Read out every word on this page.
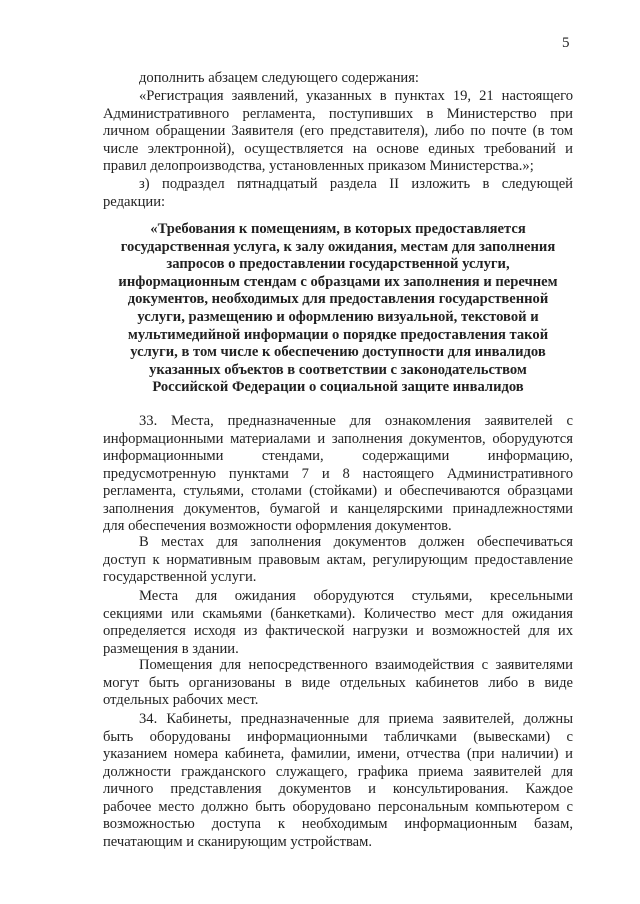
5
дополнить абзацем следующего содержания:
«Регистрация заявлений, указанных в пунктах 19, 21 настоящего
Административного регламента, поступивших в Министерство при
личном обращении Заявителя (его представителя), либо по почте (в том
числе электронной), осуществляется на основе единых требований и
правил делопроизводства, установленных приказом Министерства.»;
з) подраздел пятнадцатый раздела II изложить в следующей
редакции:
«Требования к помещениям, в которых предоставляется
государственная услуга, к залу ожидания, местам для заполнения
запросов о предоставлении государственной услуги,
информационным стендам с образцами их заполнения и перечнем
документов, необходимых для предоставления государственной
услуги, размещению и оформлению визуальной, текстовой и
мультимедийной информации о порядке предоставления такой
услуги, в том числе к обеспечению доступности для инвалидов
указанных объектов в соответствии с законодательством
Российской Федерации о социальной защите инвалидов
33. Места, предназначенные для ознакомления заявителей с
информационными материалами и заполнения документов, оборудуются
информационными стендами, содержащими информацию,
предусмотренную пунктами 7 и 8 настоящего Административного
регламента, стульями, столами (стойками) и обеспечиваются образцами
заполнения документов, бумагой и канцелярскими принадлежностями
для обеспечения возможности оформления документов.
В местах для заполнения документов должен обеспечиваться
доступ к нормативным правовым актам, регулирующим предоставление
государственной услуги.
Места для ожидания оборудуются стульями, кресельными
секциями или скамьями (банкетками). Количество мест для ожидания
определяется исходя из фактической нагрузки и возможностей для их
размещения в здании.
Помещения для непосредственного взаимодействия с заявителями
могут быть организованы в виде отдельных кабинетов либо в виде
отдельных рабочих мест.
34. Кабинеты, предназначенные для приема заявителей, должны
быть оборудованы информационными табличками (вывесками) с
указанием номера кабинета, фамилии, имени, отчества (при наличии) и
должности гражданского служащего, графика приема заявителей для
личного представления документов и консультирования. Каждое
рабочее место должно быть оборудовано персональным компьютером с
возможностью доступа к необходимым информационным базам,
печатающим и сканирующим устройствам.
